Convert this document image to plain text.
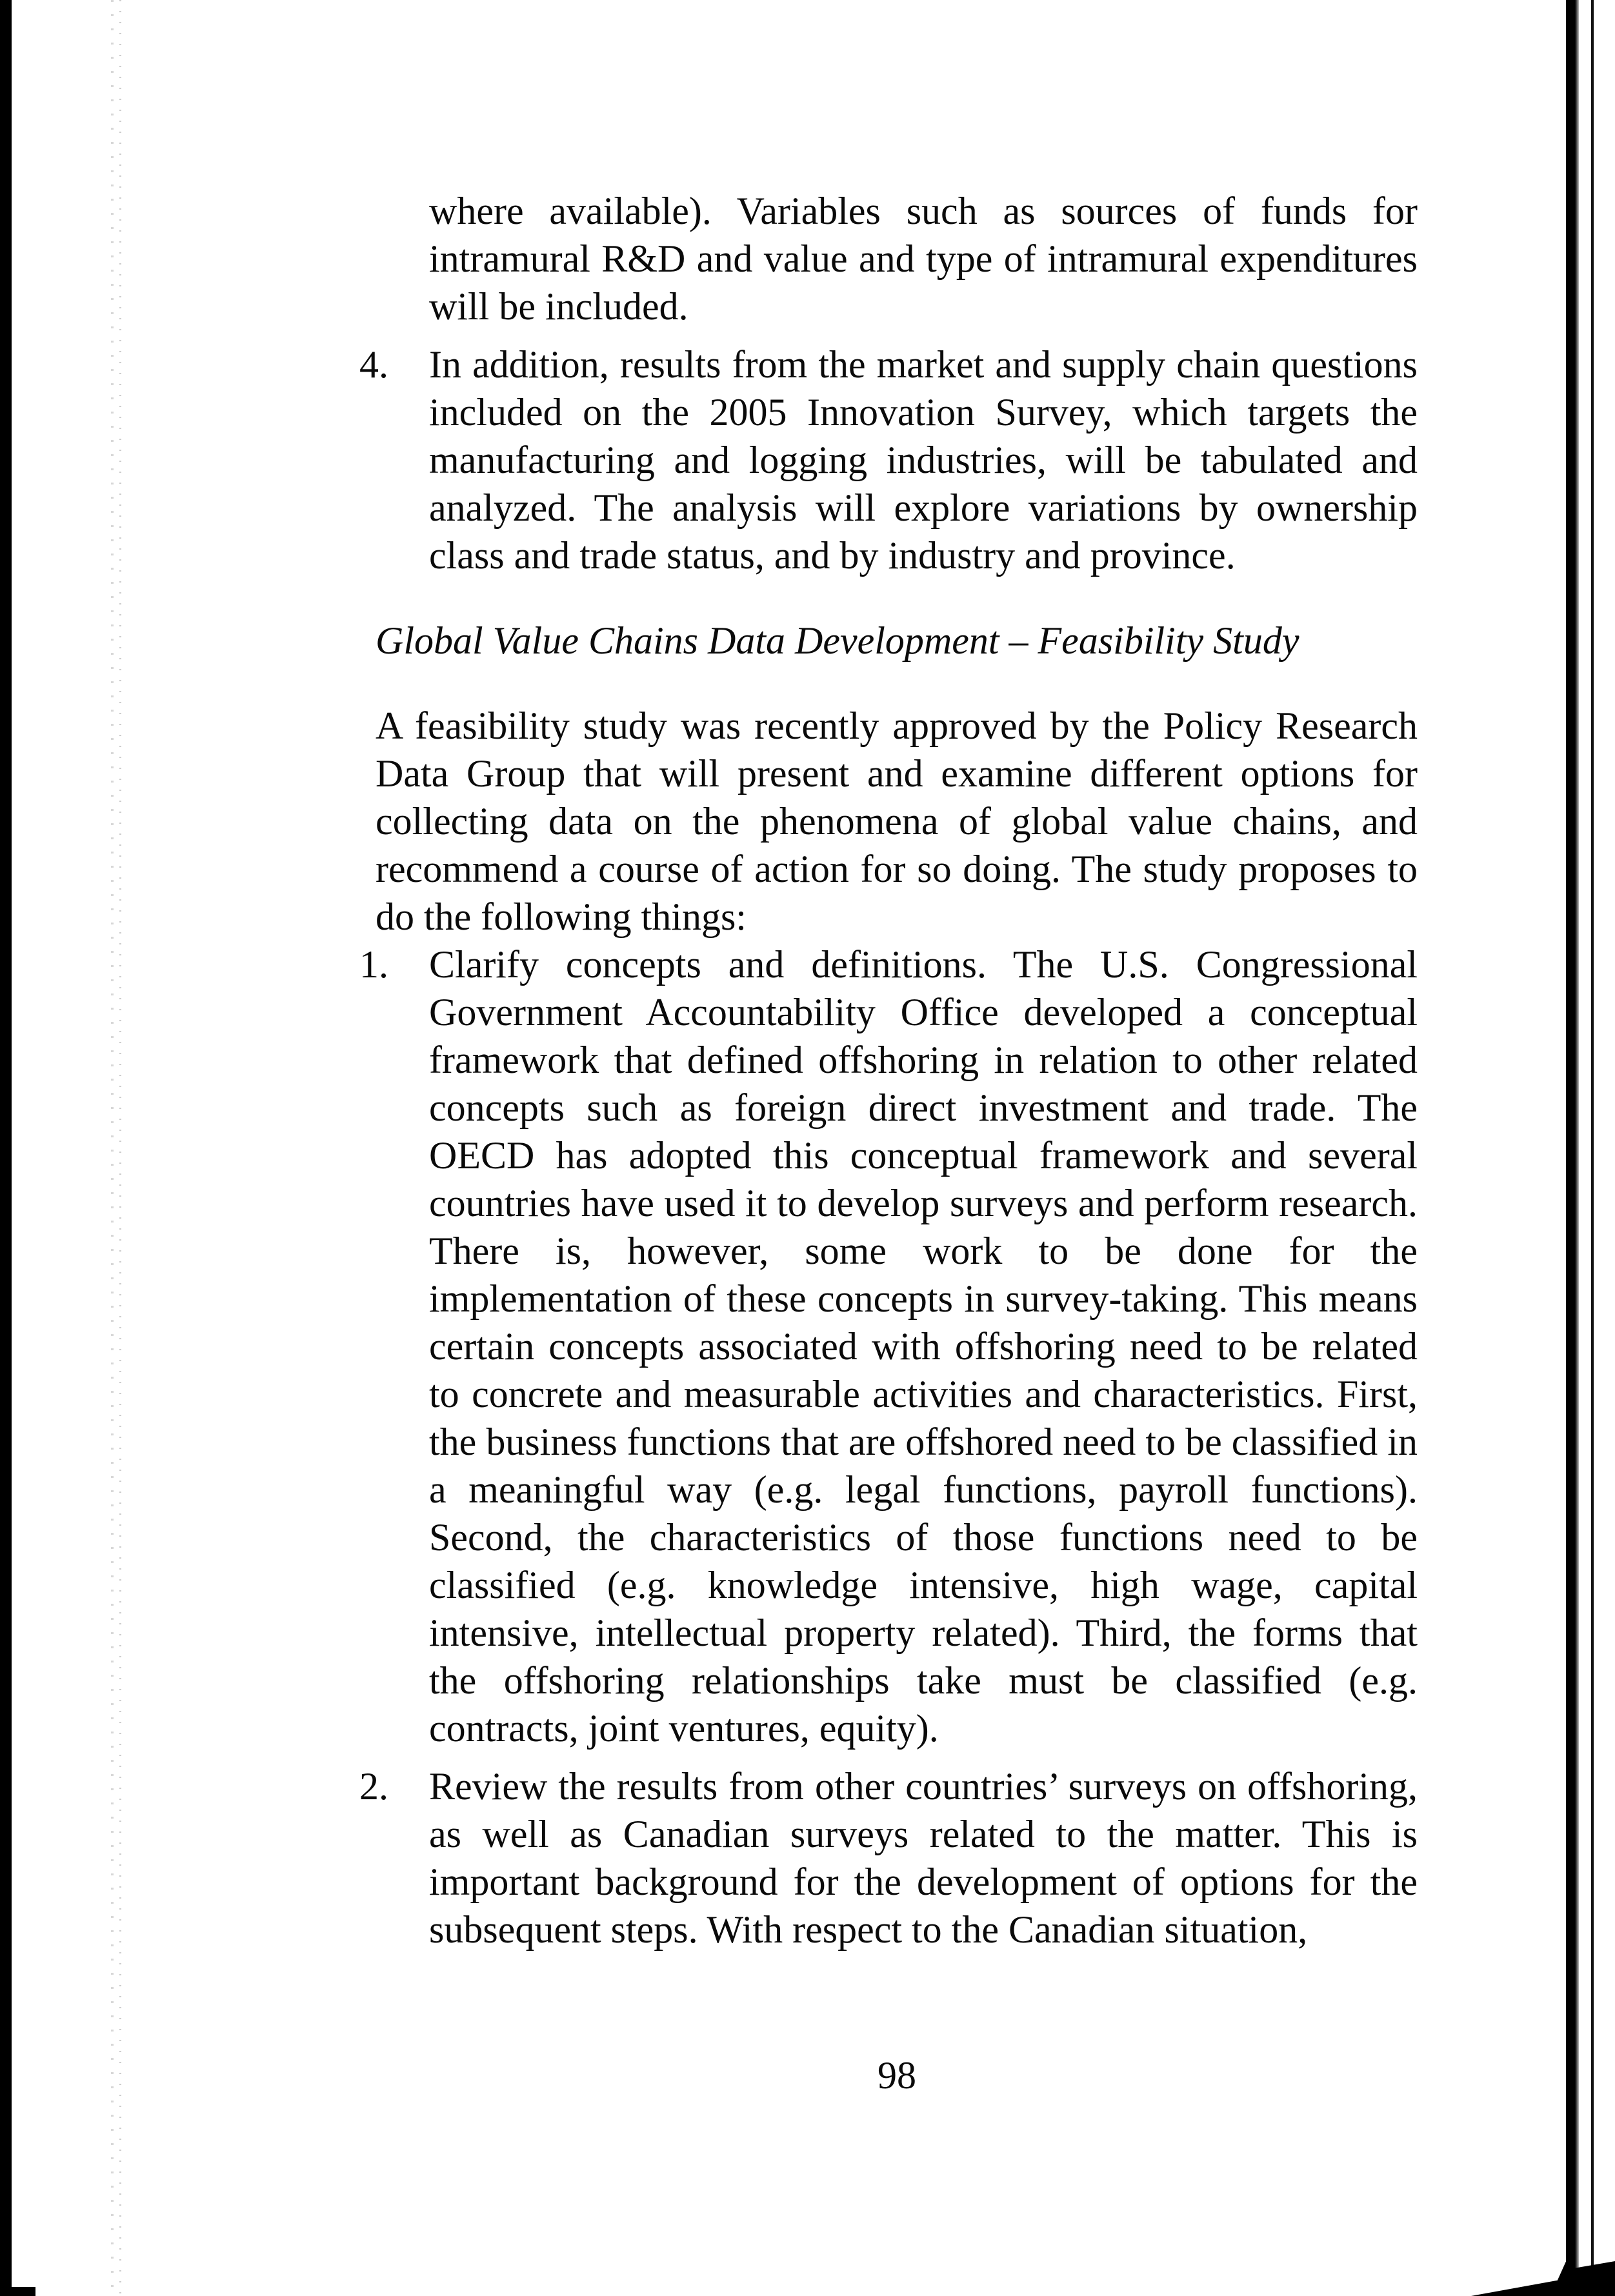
where available). Variables such as sources of funds for intramural R&D and value and type of intramural expenditures will be included.

4. In addition, results from the market and supply chain questions included on the 2005 Innovation Survey, which targets the manufacturing and logging industries, will be tabulated and analyzed. The analysis will explore variations by ownership class and trade status, and by industry and province.

Global Value Chains Data Development – Feasibility Study

A feasibility study was recently approved by the Policy Research Data Group that will present and examine different options for collecting data on the phenomena of global value chains, and recommend a course of action for so doing. The study proposes to do the following things:

1. Clarify concepts and definitions. The U.S. Congressional Government Accountability Office developed a conceptual framework that defined offshoring in relation to other related concepts such as foreign direct investment and trade. The OECD has adopted this conceptual framework and several countries have used it to develop surveys and perform research. There is, however, some work to be done for the implementation of these concepts in survey-taking. This means certain concepts associated with offshoring need to be related to concrete and measurable activities and characteristics. First, the business functions that are offshored need to be classified in a meaningful way (e.g. legal functions, payroll functions). Second, the characteristics of those functions need to be classified (e.g. knowledge intensive, high wage, capital intensive, intellectual property related). Third, the forms that the offshoring relationships take must be classified (e.g. contracts, joint ventures, equity).
2. Review the results from other countries’ surveys on offshoring, as well as Canadian surveys related to the matter. This is important background for the development of options for the subsequent steps. With respect to the Canadian situation,
98
